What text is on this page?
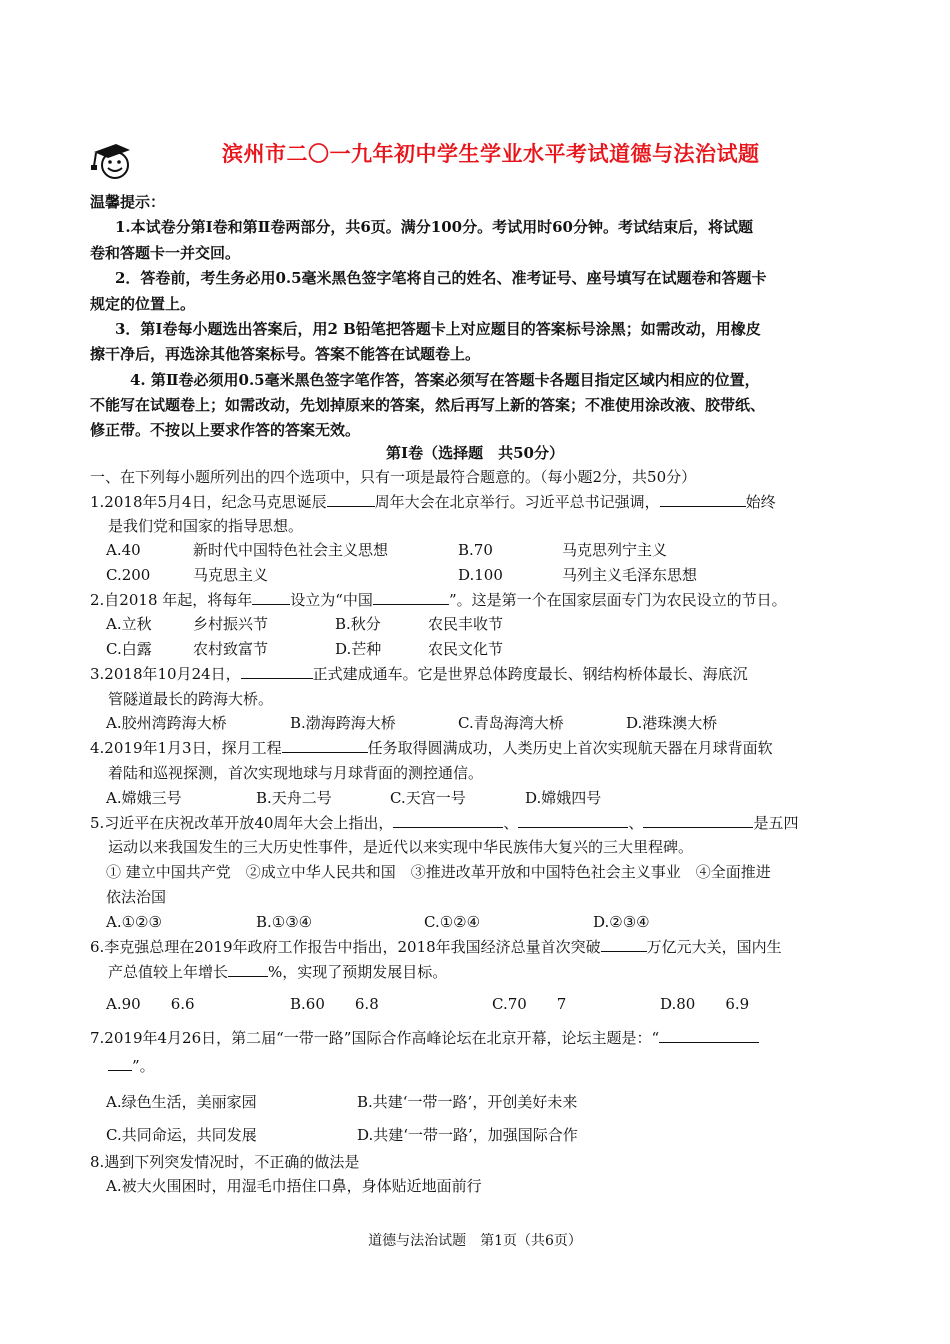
滨州市二〇一九年初中学生学业水平考试道德与法治试题
温馨提示：
1.本试卷分第Ⅰ卷和第Ⅱ卷两部分，共6页。满分100分。考试用时60分钟。考试结束后，将试题
卷和答题卡一并交回。
2．答卷前，考生务必用0.5毫米黑色签字笔将自己的姓名、准考证号、座号填写在试题卷和答题卡
规定的位置上。
3．第Ⅰ卷每小题选出答案后，用2 B铅笔把答题卡上对应题目的答案标号涂黑；如需改动，用橡皮
擦干净后，再选涂其他答案标号。答案不能答在试题卷上。
4. 第Ⅱ卷必须用0.5毫米黑色签字笔作答，答案必须写在答题卡各题目指定区域内相应的位置，
不能写在试题卷上；如需改动，先划掉原来的答案，然后再写上新的答案；不准使用涂改液、胶带纸、
修正带。不按以上要求作答的答案无效。
第Ⅰ卷（选择题　共50分）
一、在下列每小题所列出的四个选项中，只有一项是最符合题意的。（每小题2分，共50分）
1.2018年5月4日，纪念马克思诞辰	周年大会在北京举行。习近平总书记强调，	始终
是我们党和国家的指导思想。
A.40	新时代中国特色社会主义思想	B.70	马克思列宁主义
C.200	马克思主义	D.100	马列主义毛泽东思想
2.自2018 年起，将每年	设立为“中国	”。这是第一个在国家层面专门为农民设立的节日。
A.立秋	乡村振兴节	B.秋分	农民丰收节
C.白露	农村致富节	D.芒种	农民文化节
3.2018年10月24日，	正式建成通车。它是世界总体跨度最长、钢结构桥体最长、海底沉
管隧道最长的跨海大桥。
A.胶州湾跨海大桥	B.渤海跨海大桥	C.青岛海湾大桥	D.港珠澳大桥
4.2019年1月3日，探月工程	任务取得圆满成功，人类历史上首次实现航天器在月球背面软
着陆和巡视探测，首次实现地球与月球背面的测控通信。
A.嫦娥三号	B.天舟二号	C.天宫一号	D.嫦娥四号
5.习近平在庆祝改革开放40周年大会上指出，	、	、	是五四
运动以来我国发生的三大历史性事件，是近代以来实现中华民族伟大复兴的三大里程碑。
① 建立中国共产党　②成立中华人民共和国　③推进改革开放和中国特色社会主义事业　④全面推进
依法治国
A.①②③	B.①③④	C.①②④	D.②③④
6.李克强总理在2019年政府工作报告中指出，2018年我国经济总量首次突破	万亿元大关，国内生
产总值较上年增长	%，实现了预期发展目标。
A.90　　6.6	B.60　　6.8	C.70　　7	D.80　　6.9
7.2019年4月26日，第二届“一带一路”国际合作高峰论坛在北京开幕，论坛主题是：“
”。
A.绿色生活，美丽家园	B.共建‘一带一路’，开创美好未来
C.共同命运，共同发展	D.共建‘一带一路’，加强国际合作
8.遇到下列突发情况时，不正确的做法是
A.被大火围困时，用湿毛巾捂住口鼻，身体贴近地面前行
道德与法治试题　第1页（共6页）
